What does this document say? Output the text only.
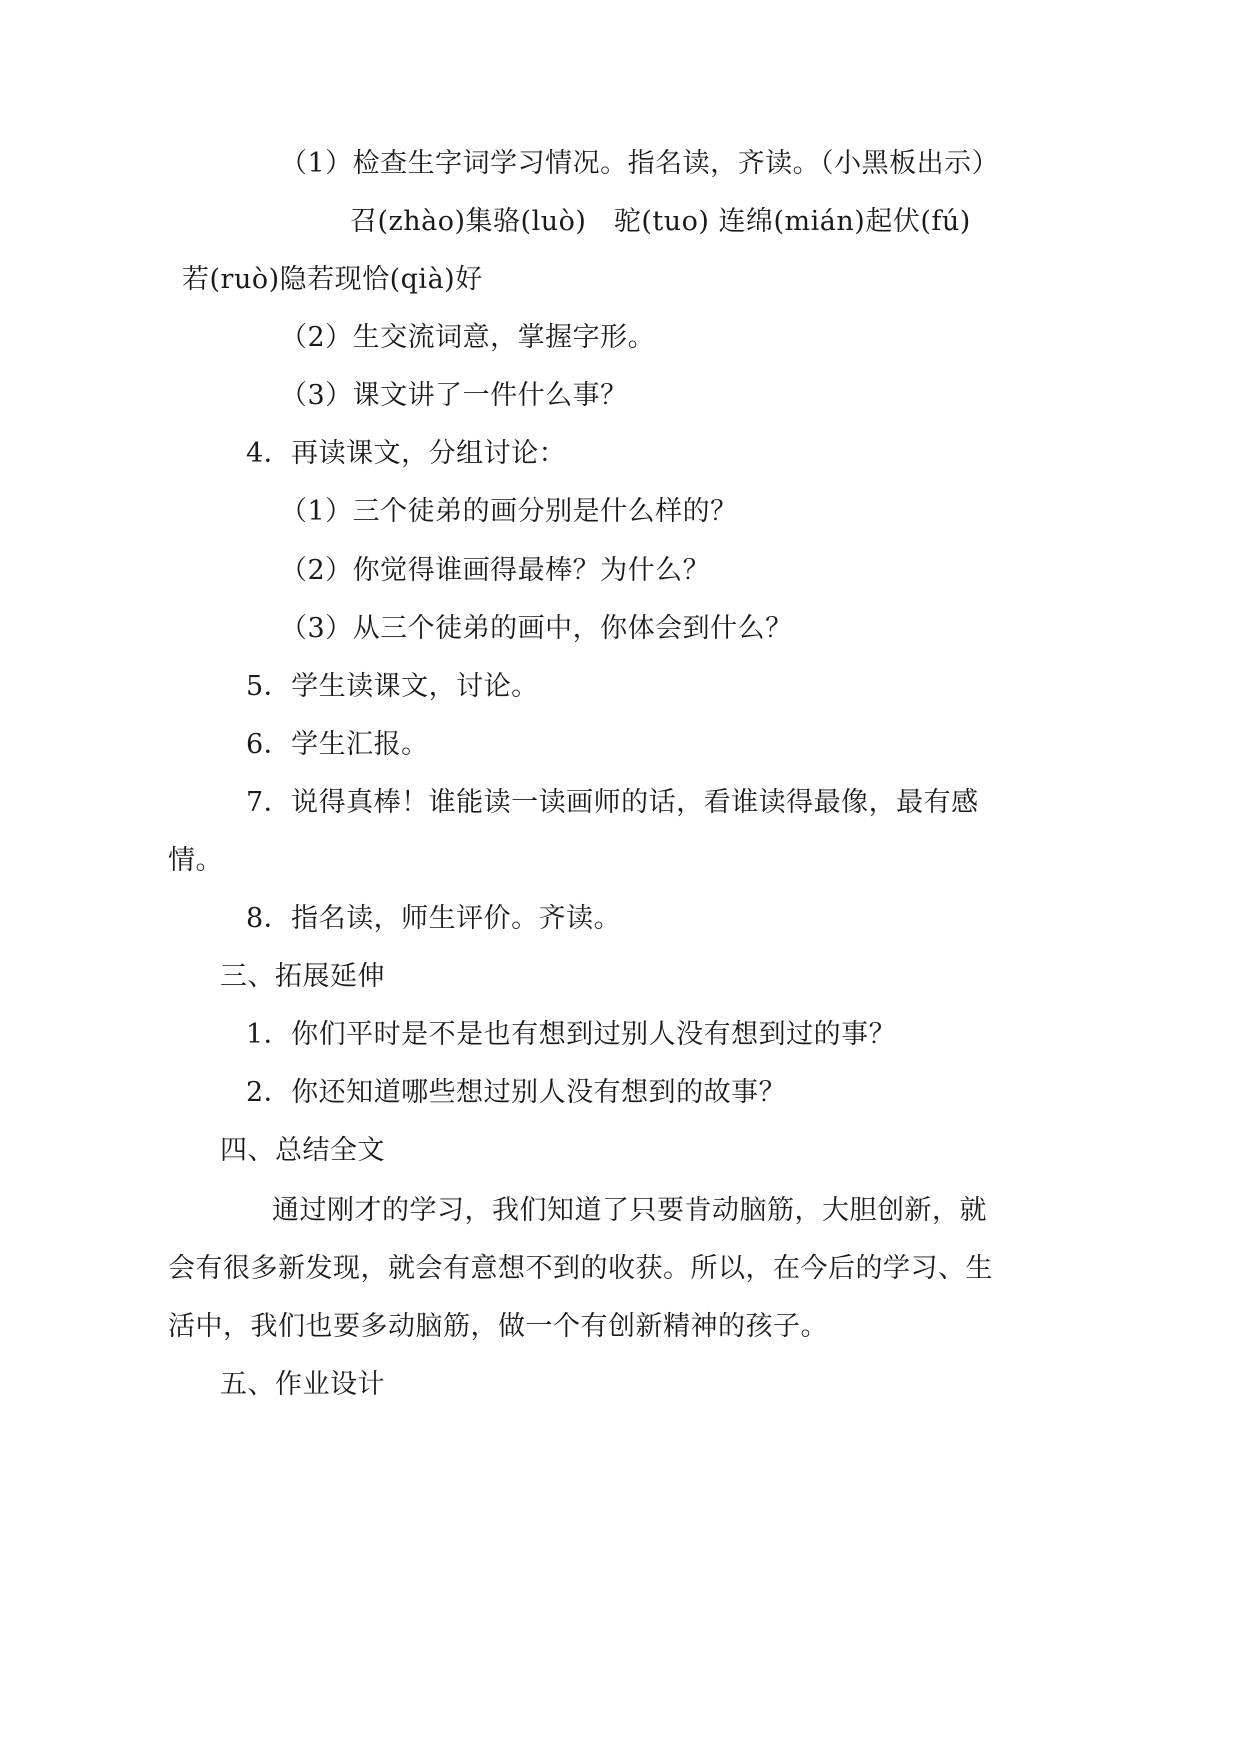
（1）检查生字词学习情况。指名读，齐读。（小黑板出示）

召(zhào)集骆(luò)　驼(tuo) 连绵(mián)起伏(fú)

若(ruò)隐若现恰(qià)好

（2）生交流词意，掌握字形。

（3）课文讲了一件什么事？

4．再读课文，分组讨论：

（1）三个徒弟的画分别是什么样的？

（2）你觉得谁画得最棒？为什么？

（3）从三个徒弟的画中，你体会到什么？

5．学生读课文，讨论。

6．学生汇报。

7．说得真棒！谁能读一读画师的话，看谁读得最像，最有感

情。

8．指名读，师生评价。齐读。

三、拓展延伸

1．你们平时是不是也有想到过别人没有想到过的事？

2．你还知道哪些想过别人没有想到的故事？

四、总结全文

通过刚才的学习，我们知道了只要肯动脑筋，大胆创新，就

会有很多新发现，就会有意想不到的收获。所以，在今后的学习、生

活中，我们也要多动脑筋，做一个有创新精神的孩子。

五、作业设计
